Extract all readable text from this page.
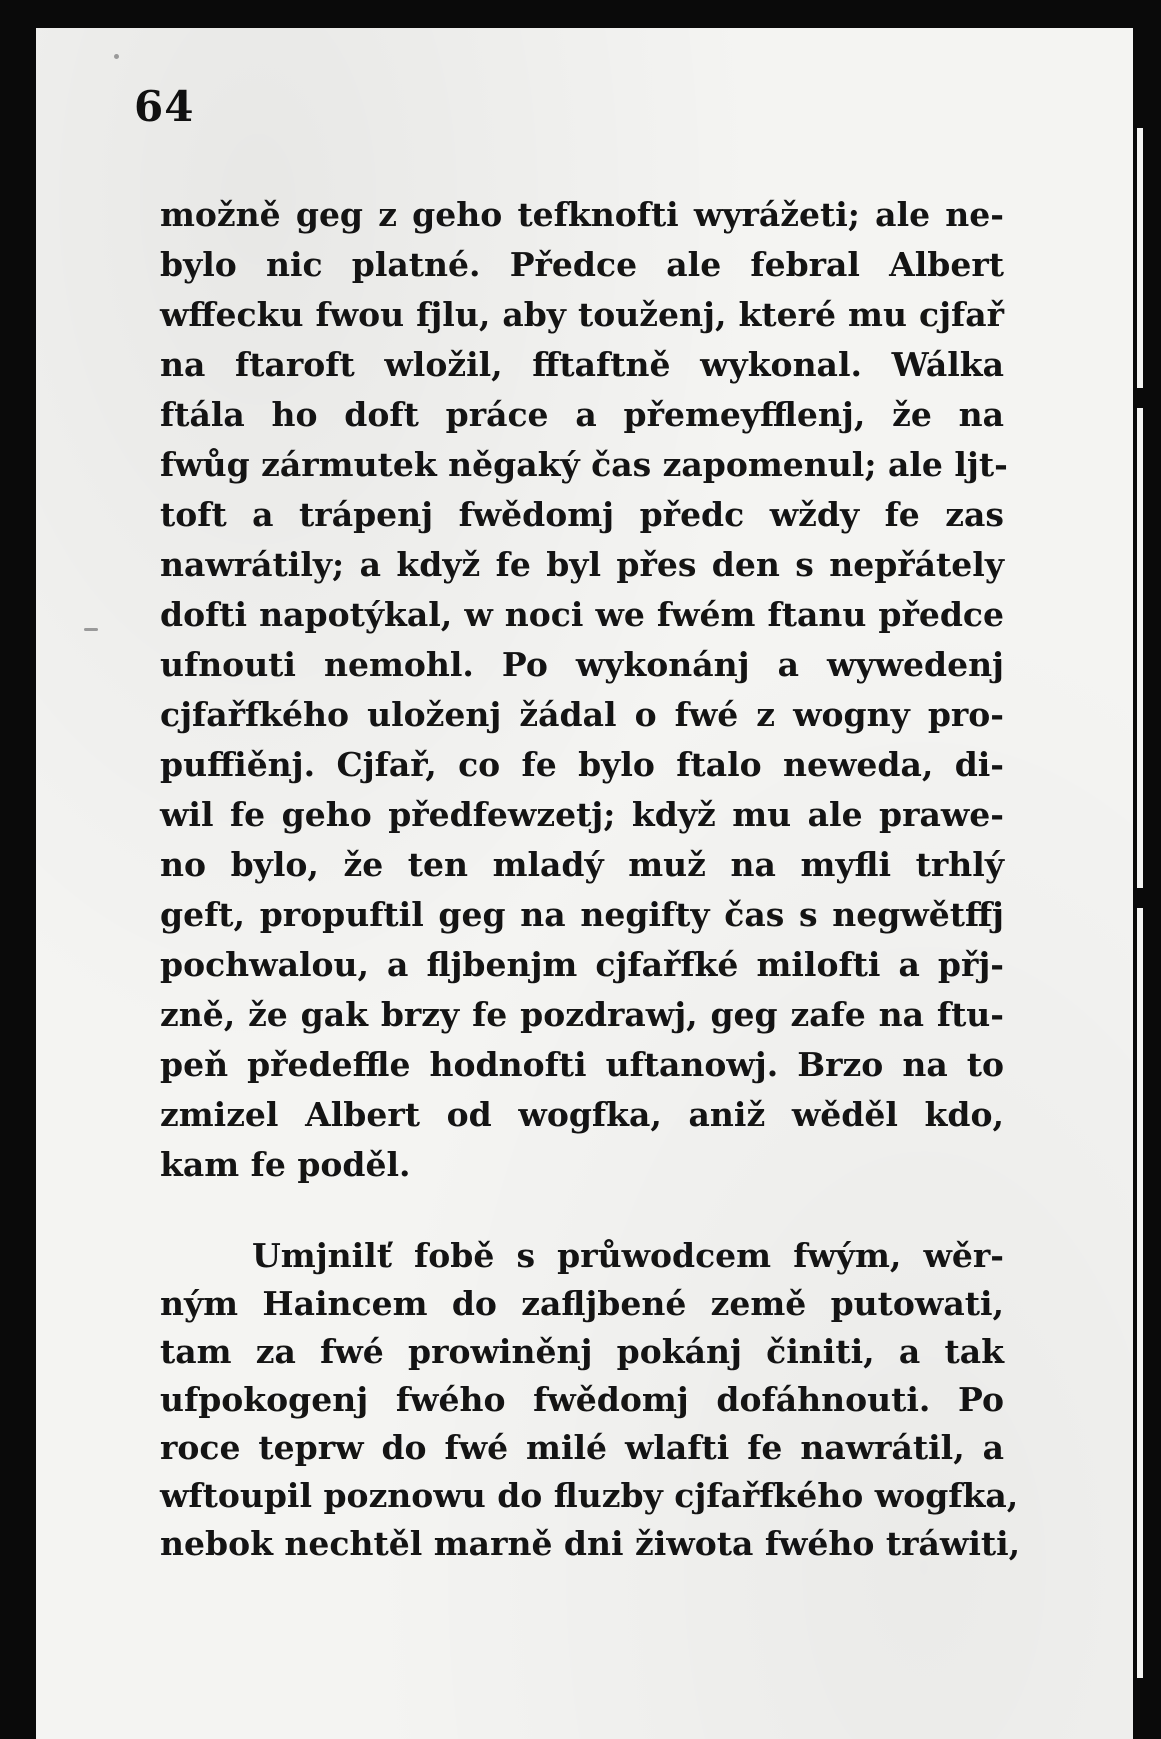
64
možně geg z geho tefknofti wyrážeti; ale ne-
bylo nic platné. Předce ale febral Albert
wffecku fwou fjlu, aby touženj, které mu cjfař
na ftaroft wložil, fftaftně wykonal. Wálka
ftála ho doft práce a přemeyfflenj, že na
fwůg zármutek něgaký čas zapomenul; ale ljt-
toft a trápenj fwědomj předc wždy fe zas
nawrátily; a když fe byl přes den s nepřátely
dofti napotýkal, w noci we fwém ftanu předce
ufnouti nemohl. Po wykonánj a wywedenj
cjfařfkého uloženj žádal o fwé z wogny pro-
puffiěnj. Cjfař, co fe bylo ftalo neweda, di-
wil fe geho předfewzetj; když mu ale prawe-
no bylo, že ten mladý muž na myfli trhlý
geft, propuftil geg na negifty čas s negwětffj
pochwalou, a fljbenjm cjfařfké milofti a přj-
zně, že gak brzy fe pozdrawj, geg zafe na ftu-
peň předeffle hodnofti uftanowj. Brzo na to
zmizel Albert od wogfka, aniž wěděl kdo,
kam fe poděl.
Umjnilť fobě s průwodcem fwým, wěr-
ným Haincem do zafljbené země putowati,
tam za fwé prowiněnj pokánj činiti, a tak
ufpokogenj fwého fwědomj dofáhnouti. Po
roce teprw do fwé milé wlafti fe nawrátil, a
wftoupil poznowu do fluzby cjfařfkého wogfka,
nebok nechtěl marně dni žiwota fwého tráwiti,
